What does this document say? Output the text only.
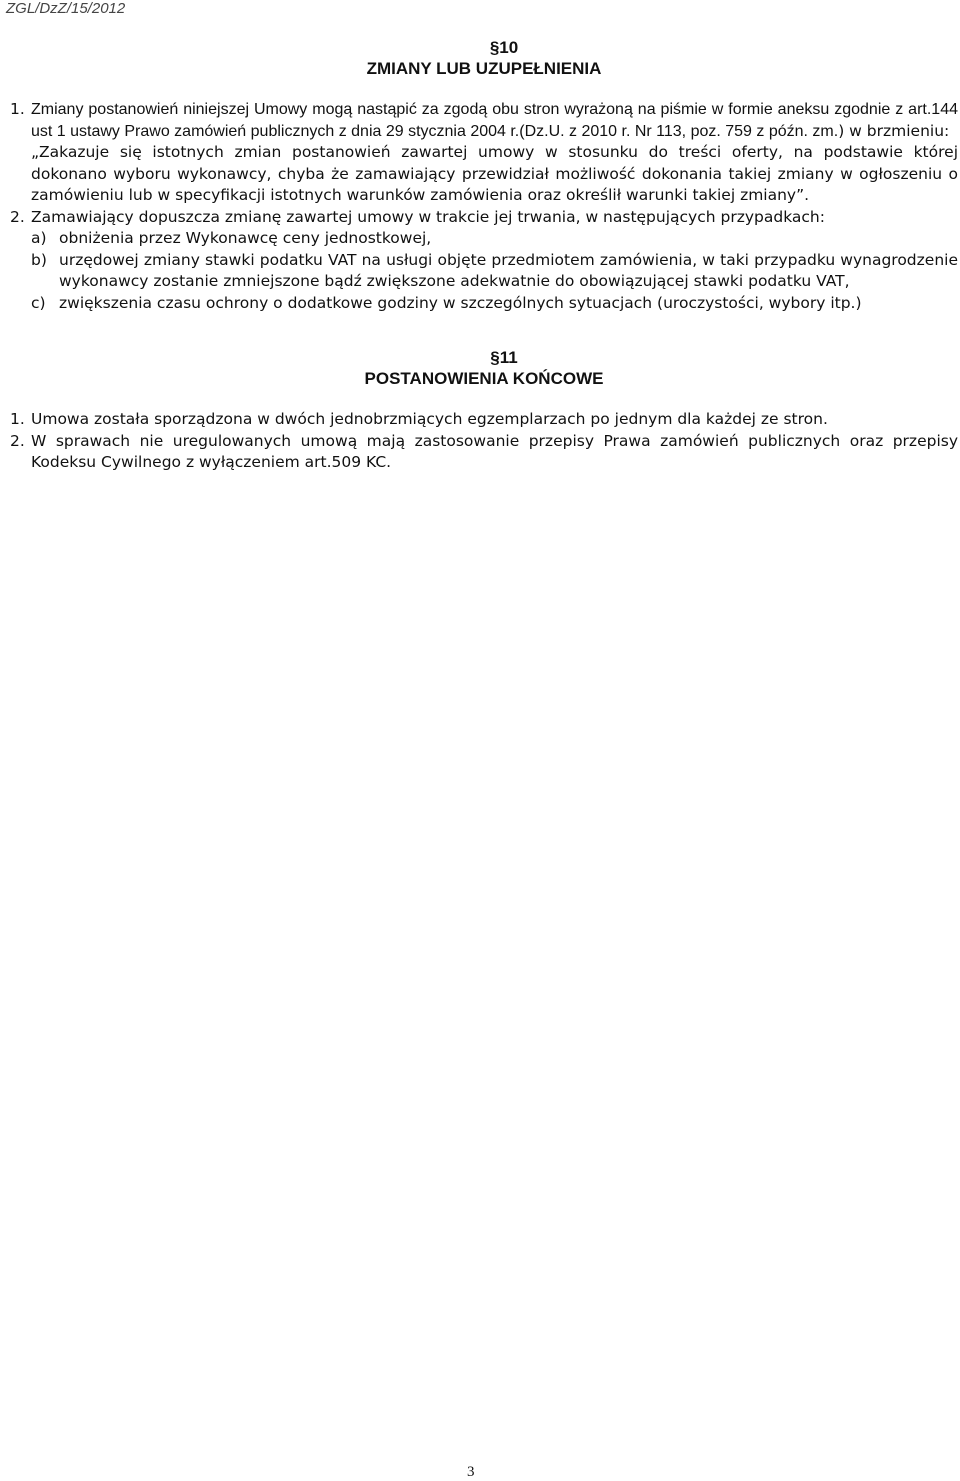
ZGL/DzZ/15/2012
§10
ZMIANY LUB UZUPEŁNIENIA
1. Zmiany postanowień niniejszej Umowy mogą nastąpić za zgodą obu stron wyrażoną na piśmie w formie aneksu zgodnie z art.144 ust 1 ustawy Prawo zamówień publicznych z dnia 29 stycznia 2004 r.(Dz.U. z 2010 r. Nr 113, poz. 759 z późn. zm.) w brzmieniu:
„Zakazuje się istotnych zmian postanowień zawartej umowy w stosunku do treści oferty, na podstawie której dokonano wyboru wykonawcy, chyba że zamawiający przewidział możliwość dokonania takiej zmiany w ogłoszeniu o zamówieniu lub w specyfikacji istotnych warunków zamówienia oraz określił warunki takiej zmiany”.
2. Zamawiający dopuszcza zmianę zawartej umowy w trakcie jej trwania, w następujących przypadkach:
a) obniżenia przez Wykonawcę ceny jednostkowej,
b) urzędowej zmiany stawki podatku VAT na usługi objęte przedmiotem zamówienia, w taki przypadku wynagrodzenie wykonawcy zostanie zmniejszone bądź zwiększone adekwatnie do obowiązującej stawki podatku VAT,
c) zwiększenia czasu ochrony o dodatkowe godziny w szczególnych sytuacjach (uroczystości, wybory itp.)
§11
POSTANOWIENIA KOŃCOWE
1. Umowa została sporządzona w dwóch jednobrzmiących egzemplarzach po jednym dla każdej ze stron.
2. W sprawach nie uregulowanych umową mają zastosowanie przepisy Prawa zamówień publicznych oraz przepisy Kodeksu Cywilnego z wyłączeniem art.509 KC.
3
